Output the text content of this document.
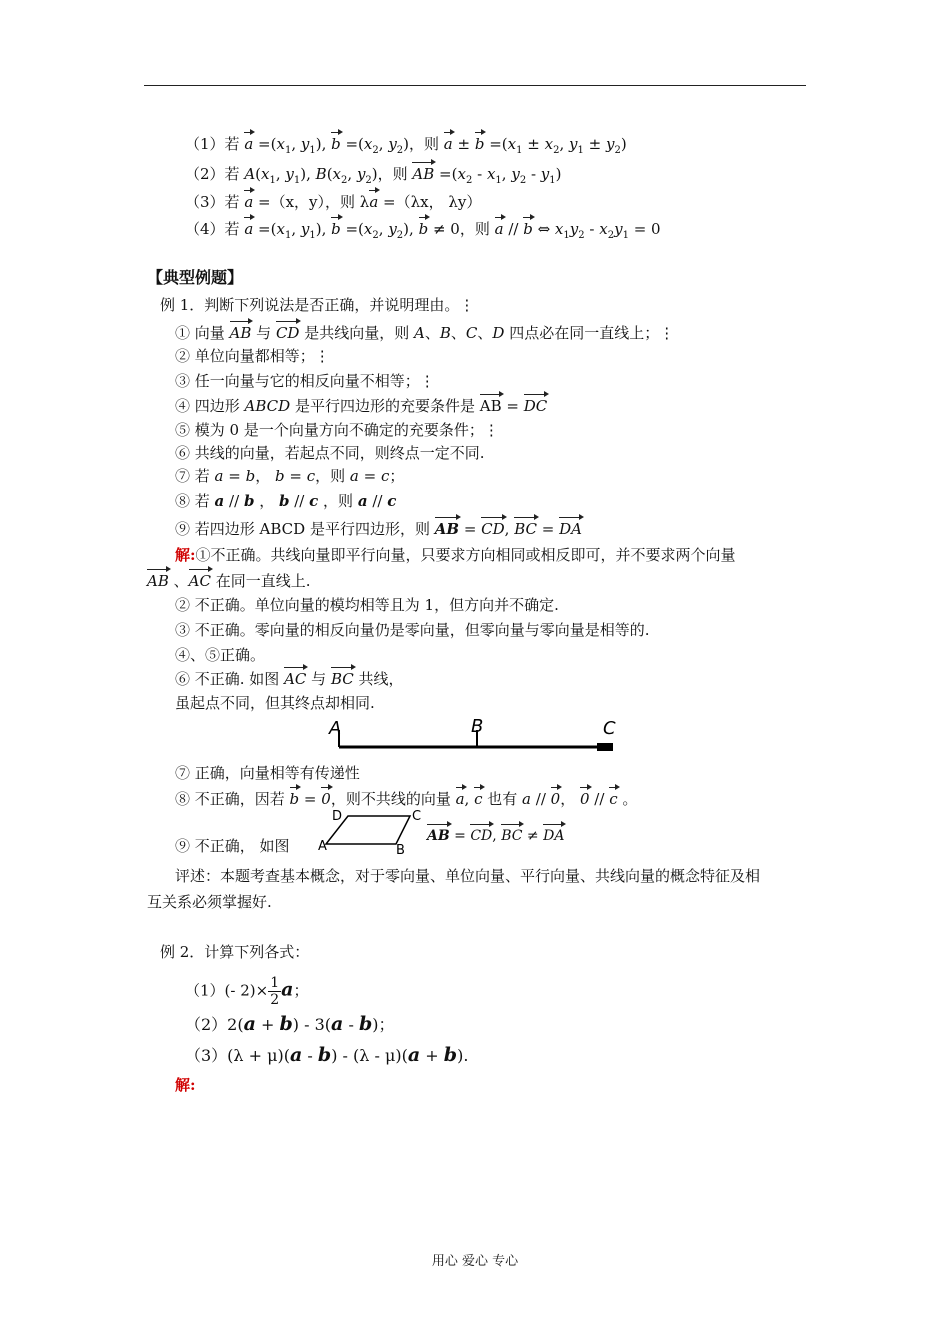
（1）若 $a =(x_1$, $y_1$), $b =(x_2$, $y_2$)，则 $a \pm b =(x_1 \pm x_2$, $y_1 \pm y_2$)
（2）若 $A(x_1$, $y_1$), $B(x_2$, $y_2$)，则 AB $=(x_2 - x_1$, $y_2 - y_1$)
（3）若 a =（x，y），则 λa =（λx， λy）
（4）若 $a =(x_1$, $y_1$), $b =(x_2$, $y_2$), b ≠ 0，则 a // b ⇔ $x_1y_2 - x_2y_1 = 0$
【典型例题】
例 1．判断下列说法是否正确，并说明理由。⋮
① 向量 AB 与 CD 是共线向量，则 A、B、C、D 四点必在同一直线上；⋮
② 单位向量都相等；⋮
③ 任一向量与它的相反向量不相等；⋮
④ 四边形 ABCD 是平行四边形的充要条件是 AB = DC
⑤ 模为 0 是一个向量方向不确定的充要条件；⋮
⑥ 共线的向量，若起点不同，则终点一定不同.
⑦ 若 a = b， b = c，则 a = c；
⑧ 若 a // b ， b // c ，则 a // c
⑨ 若四边形 ABCD 是平行四边形，则 AB = CD, BC = DA
解:①不正确。共线向量即平行向量，只要求方向相同或相反即可，并不要求两个向量
AB 、AC 在同一直线上.
② 不正确。单位向量的模均相等且为 1，但方向并不确定.
③ 不正确。零向量的相反向量仍是零向量，但零向量与零向量是相等的.
④、⑤正确。
⑥ 不正确. 如图 AC 与 BC 共线，
虽起点不同，但其终点却相同.
A	B	C
⑦ 正确，向量相等有传递性
⑧ 不正确，因若 b = 0，则不共线的向量 a, c 也有 a // 0， 0 // c 。
⑨ 不正确， 如图
D	C
A	B
AB = CD, BC ≠ DA
评述：本题考查基本概念，对于零向量、单位向量、平行向量、共线向量的概念特征及相
互关系必须掌握好.
例 2．计算下列各式：
（1）(- $2)\times \frac{1}{2}$ a；
（2）2(a + b) - 3(a - b)；
（3）(λ + μ)(a - b) - (λ - μ)(a + b).
解:
用心 爱心 专心
